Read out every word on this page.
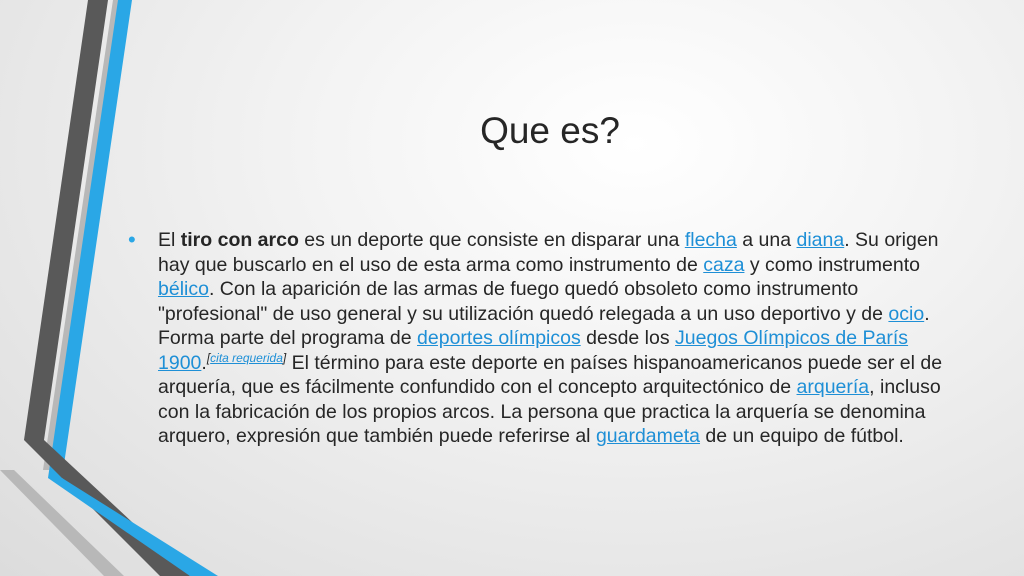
Que es?
• El tiro con arco es un deporte que consiste en disparar una flecha a una diana. Su origen hay que buscarlo en el uso de esta arma como instrumento de caza y como instrumento bélico. Con la aparición de las armas de fuego quedó obsoleto como instrumento "profesional" de uso general y su utilización quedó relegada a un uso deportivo y de ocio. Forma parte del programa de deportes olímpicos desde los Juegos Olímpicos de París 1900.[cita requerida] El término para este deporte en países hispanoamericanos puede ser el de arquería, que es fácilmente confundido con el concepto arquitectónico de arquería, incluso con la fabricación de los propios arcos. La persona que practica la arquería se denomina arquero, expresión que también puede referirse al guardameta de un equipo de fútbol.
